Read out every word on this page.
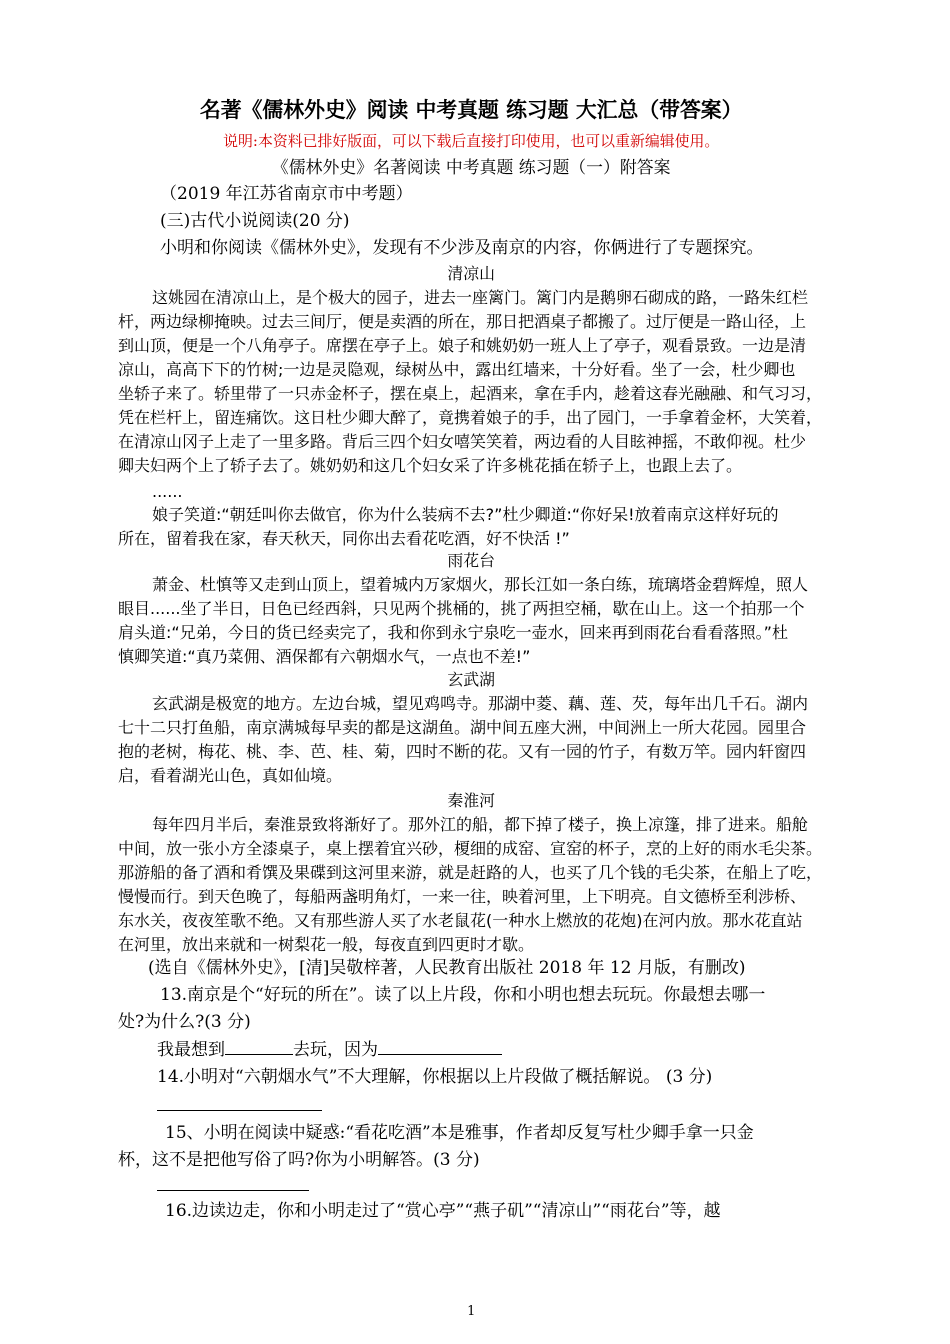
名著《儒林外史》阅读 中考真题 练习题 大汇总（带答案）
说明:本资料已排好版面，可以下载后直接打印使用，也可以重新编辑使用。
《儒林外史》名著阅读 中考真题 练习题（一）附答案
（2019 年江苏省南京市中考题）
(三)古代小说阅读(20 分)
小明和你阅读《儒林外史》，发现有不少涉及南京的内容，你俩进行了专题探究。
清凉山
这姚园在清凉山上，是个极大的园子，进去一座篱门。篱门内是鹅卵石砌成的路，一路朱红栏
杆，两边绿柳掩映。过去三间厅，便是卖酒的所在，那日把酒桌子都搬了。过厅便是一路山径，上
到山顶，便是一个八角亭子。席摆在亭子上。娘子和姚奶奶一班人上了亭子，观看景致。一边是清
凉山，高高下下的竹树;一边是灵隐观，绿树丛中，露出红墙来，十分好看。坐了一会，杜少卿也
坐轿子来了。轿里带了一只赤金杯子，摆在桌上，起酒来，拿在手内，趁着这春光融融、和气习习，
凭在栏杆上，留连痛饮。这日杜少卿大醉了，竟携着娘子的手，出了园门，一手拿着金杯，大笑着，
在清凉山冈子上走了一里多路。背后三四个妇女嘻笑笑着，两边看的人目眩神摇，不敢仰视。杜少
卿夫妇两个上了轿子去了。姚奶奶和这几个妇女采了许多桃花插在轿子上，也跟上去了。
......
娘子笑道:“朝廷叫你去做官，你为什么装病不去?”杜少卿道:“你好呆!放着南京这样好玩的
所在，留着我在家，春天秋天，同你出去看花吃酒，好不快活 !”
雨花台
萧金、杜慎等又走到山顶上，望着城内万家烟火，那长江如一条白练，琉璃塔金碧辉煌，照人
眼目......坐了半日，日色已经西斜，只见两个挑桶的，挑了两担空桶，歇在山上。这一个拍那一个
肩头道:“兄弟，今日的货已经卖完了，我和你到永宁泉吃一壶水，回来再到雨花台看看落照。”杜
慎卿笑道:“真乃菜佣、酒保都有六朝烟水气，一点也不差!”
玄武湖
玄武湖是极宽的地方。左边台城，望见鸡鸣寺。那湖中菱、藕、莲、芡，每年出几千石。湖内
七十二只打鱼船，南京满城每早卖的都是这湖鱼。湖中间五座大洲，中间洲上一所大花园。园里合
抱的老树，梅花、桃、李、芭、桂、菊，四时不断的花。又有一园的竹子，有数万竿。园内轩窗四
启，看着湖光山色，真如仙境。
秦淮河
每年四月半后，秦淮景致将渐好了。那外江的船，都下掉了楼子，换上凉篷，排了进来。船舱
中间，放一张小方全漆桌子，桌上摆着宜兴砂，榎细的成窑、宣窑的杯子，烹的上好的雨水毛尖茶。
那游船的备了酒和肴馔及果碟到这河里来游，就是赶路的人，也买了几个钱的毛尖茶，在船上了吃，
慢慢而行。到天色晚了，每船两盏明角灯，一来一往，映着河里，上下明亮。自文德桥至利涉桥、
东水关，夜夜笙歌不绝。又有那些游人买了水老鼠花(一种水上燃放的花炮)在河内放。那水花直站
在河里，放出来就和一树梨花一般，每夜直到四更时才歇。
(选自《儒林外史》，[清]吴敬梓著，人民教育出版社 2018 年 12 月版，有删改)
13.南京是个“好玩的所在”。读了以上片段，你和小明也想去玩玩。你最想去哪一
处?为什么?(3 分)
我最想到	去玩，因为
14.小明对“六朝烟水气”不大理解，你根据以上片段做了概括解说。 (3 分)
15、小明在阅读中疑惑:“看花吃酒”本是雅事，作者却反复写杜少卿手拿一只金
杯，这不是把他写俗了吗?你为小明解答。(3 分)
16.边读边走，你和小明走过了“赏心亭”“燕子矶”“清凉山”“雨花台”等，越
1
